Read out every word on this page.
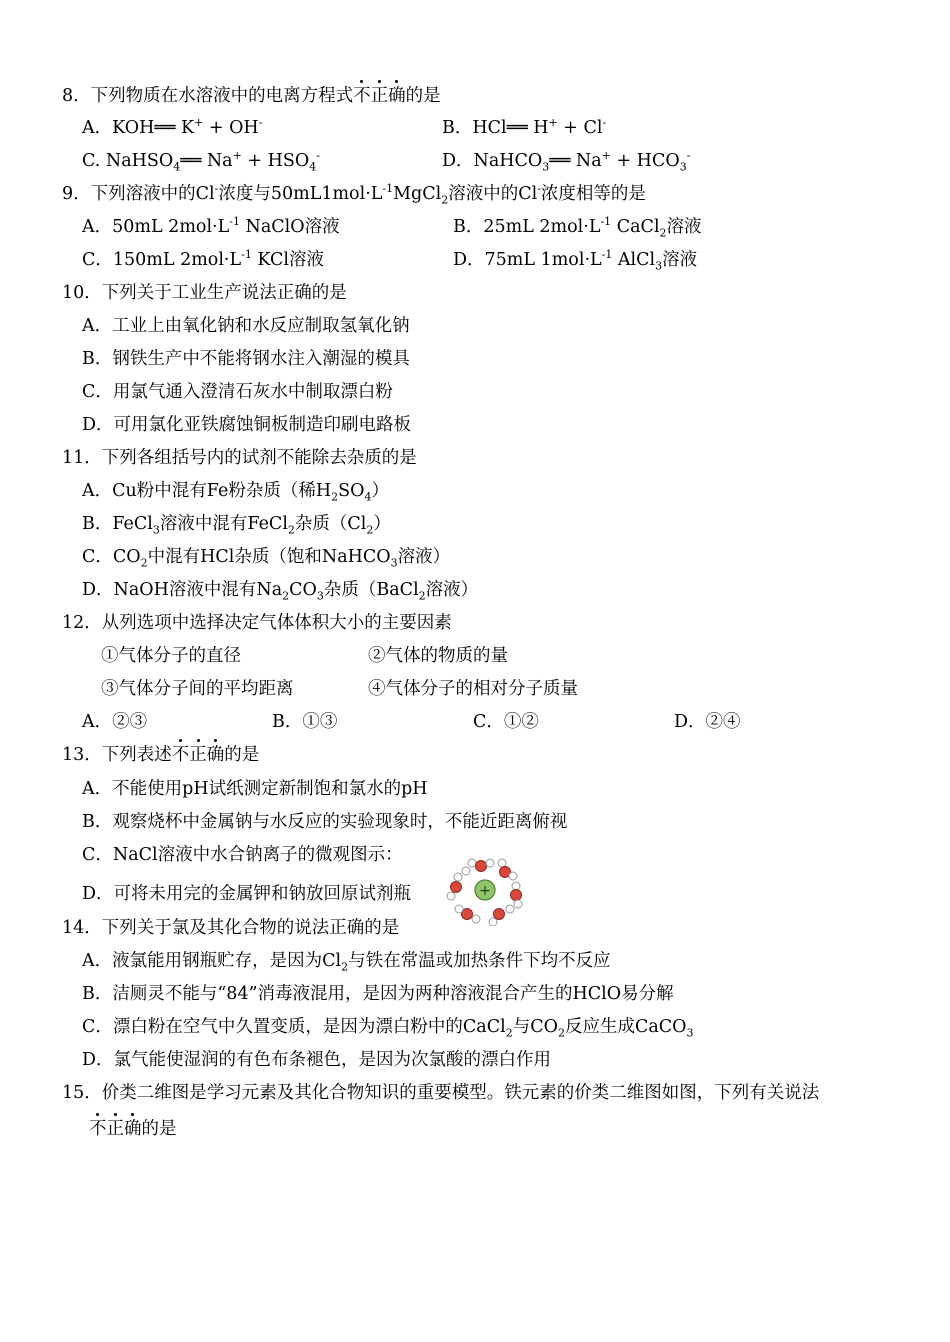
8．下列物质在水溶液中的电离方程式不正确的是
A．KOH══ K+ + OH-	B．HCl══ H+ + Cl-
C. NaHSO$_4$══ $Na^+ + HSO_4^-$	D．NaHCO$_3$══ $Na^+ + HCO_3^-$
9．下列溶液中的Cl-浓度与$50mL1mol\cdot L^{-1}MgCl_2$溶液中的Cl-浓度相等的是
A．50mL $2mol\cdot L^{-1}$ NaClO溶液	B．25mL $2mol\cdot L^{-1}$ CaCl$_2$溶液
C．150mL $2mol\cdot L^{-1}$ KCl溶液	D．75mL $1mol\cdot L^{-1}$ AlCl$_3$溶液
10．下列关于工业生产说法正确的是
A．工业上由氧化钠和水反应制取氢氧化钠
B．钢铁生产中不能将钢水注入潮湿的模具
C．用氯气通入澄清石灰水中制取漂白粉
D．可用氯化亚铁腐蚀铜板制造印刷电路板
11．下列各组括号内的试剂不能除去杂质的是
A．Cu粉中混有Fe粉杂质（稀$H_2SO_4$）
B．FeCl$_3$溶液中混有FeCl$_2$杂质$(Cl_2)$
C．$CO_2$中混有HCl杂质（饱和NaHCO$_3$溶液）
D．NaOH溶液中混有$Na_2CO_3$杂质（BaCl$_2$溶液）
12．从列选项中选择决定气体体积大小的主要因素
①气体分子的直径	②气体的物质的量
③气体分子间的平均距离	④气体分子的相对分子质量
A．②③	B．①③	C．①②	D．②④
13．下列表述不正确的是
A．不能使用pH试纸测定新制饱和氯水的pH
B．观察烧杯中金属钠与水反应的实验现象时，不能近距离俯视
C．NaCl溶液中水合钠离子的微观图示：
D．可将未用完的金属钾和钠放回原试剂瓶	+
14．下列关于氯及其化合物的说法正确的是
A．液氯能用钢瓶贮存，是因为$Cl_2$与铁在常温或加热条件下均不反应
B．洁厕灵不能与“84”消毒液混用，是因为两种溶液混合产生的HClO易分解
C．漂白粉在空气中久置变质，是因为漂白粉中的CaCl$_2$与$CO_2$反应生成CaCO$_3$
D．氯气能使湿润的有色布条褪色，是因为次氯酸的漂白作用
15．价类二维图是学习元素及其化合物知识的重要模型。铁元素的价类二维图如图，下列有关说法
不正确的是
